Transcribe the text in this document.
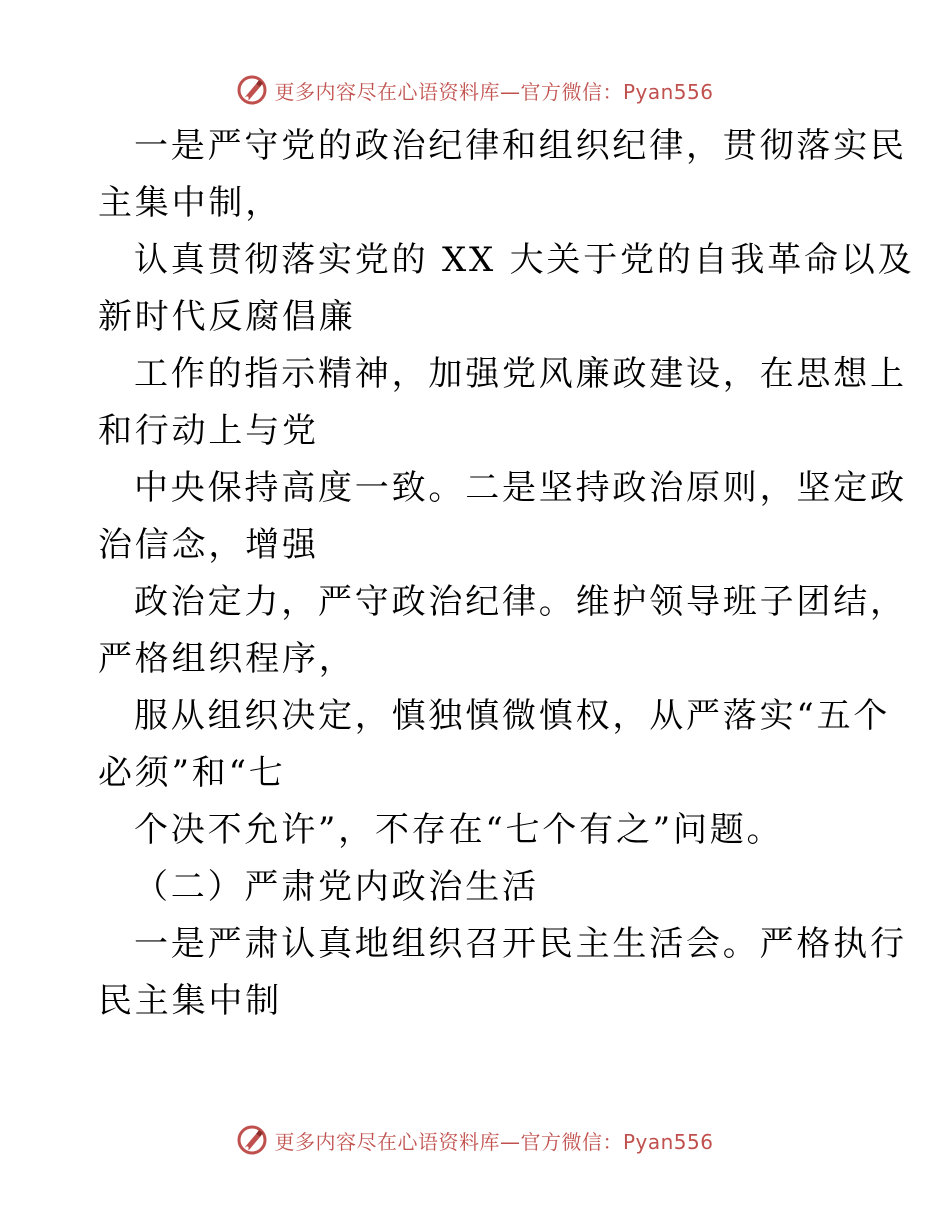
更多内容尽在心语资料库—官方微信：Pyan556
一是严守党的政治纪律和组织纪律，贯彻落实民
主集中制，
认真贯彻落实党的 XX 大关于党的自我革命以及
新时代反腐倡廉
工作的指示精神，加强党风廉政建设，在思想上
和行动上与党
中央保持高度一致。二是坚持政治原则，坚定政
治信念，增强
政治定力，严守政治纪律。维护领导班子团结，
严格组织程序，
服从组织决定，慎独慎微慎权，从严落实“五个
必须”和“七
个决不允许”，不存在“七个有之”问题。
（二）严肃党内政治生活
一是严肃认真地组织召开民主生活会。严格执行
民主集中制
更多内容尽在心语资料库—官方微信：Pyan556
